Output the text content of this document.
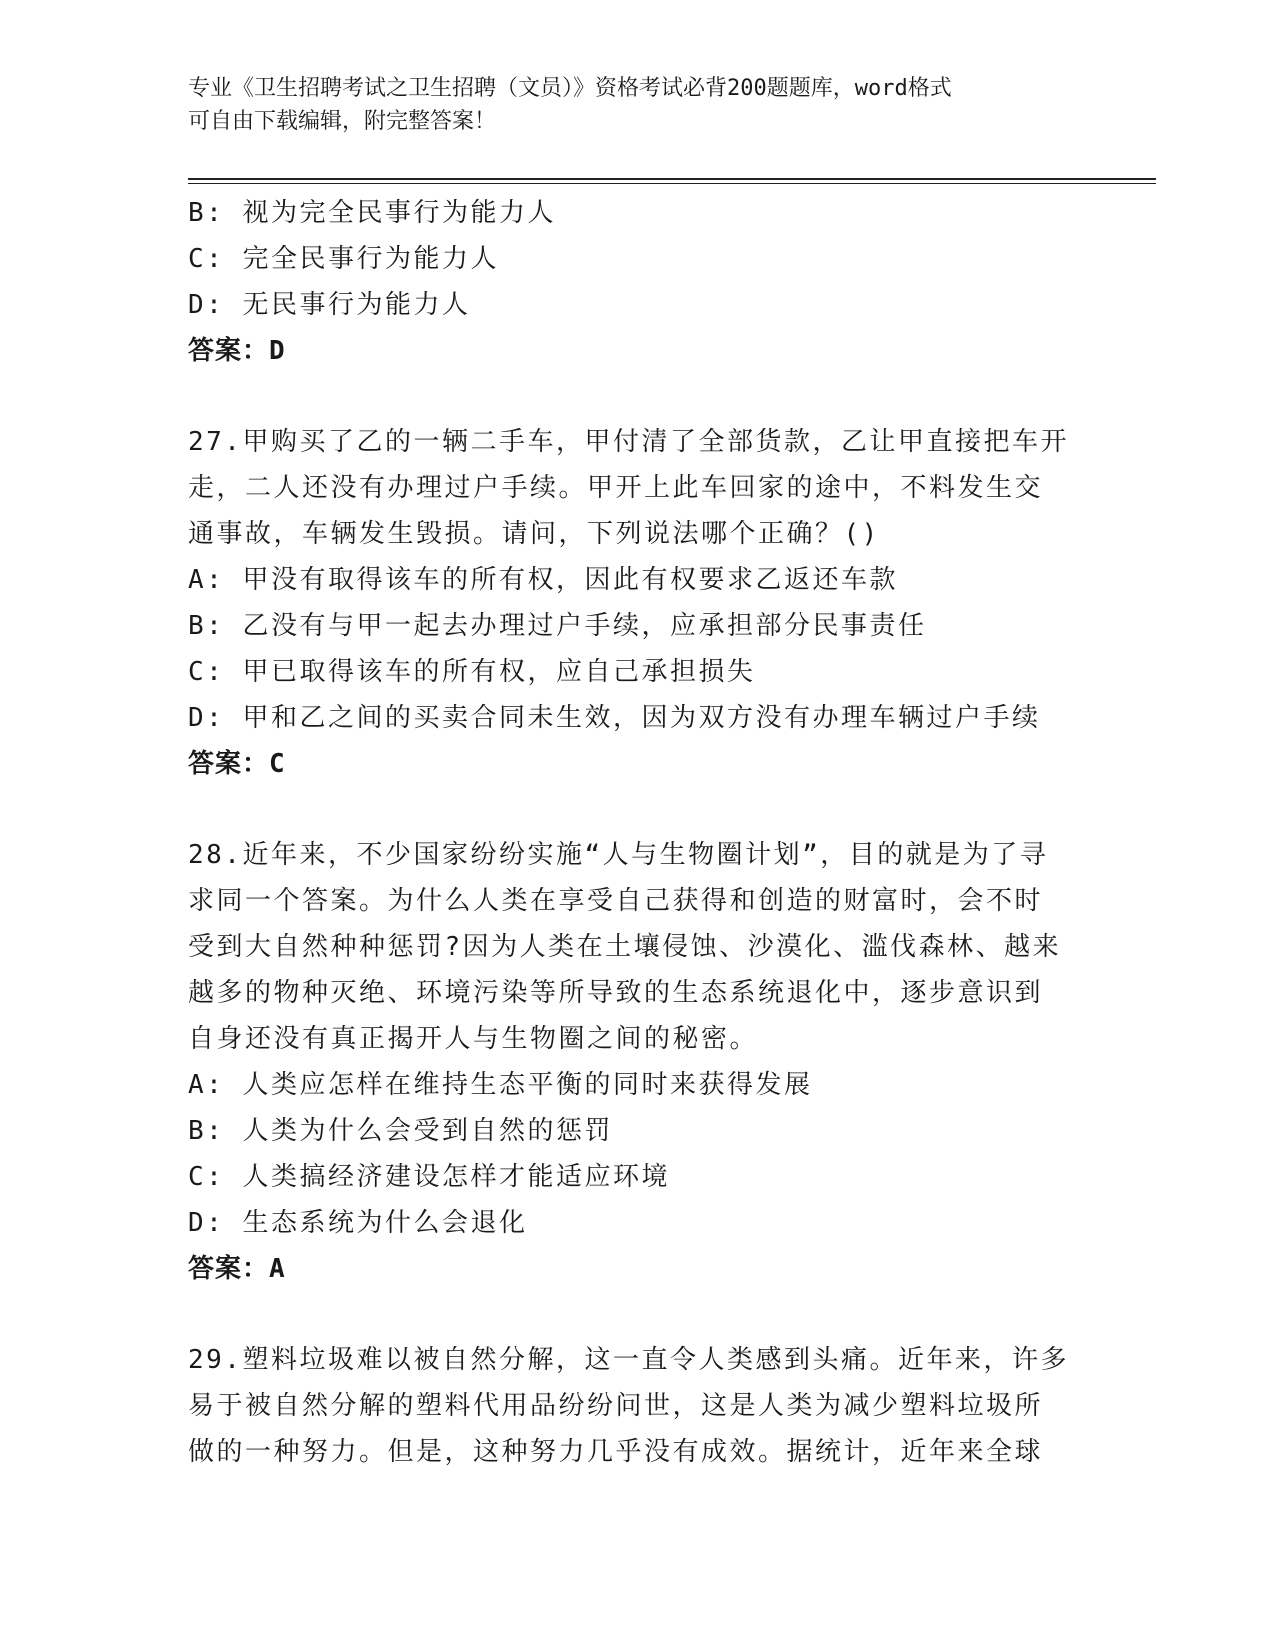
专业《卫生招聘考试之卫生招聘（文员）》资格考试必背200题题库，word格式
可自由下载编辑，附完整答案！
B: 视为完全民事行为能力人
C: 完全民事行为能力人
D: 无民事行为能力人
答案：D
27.甲购买了乙的一辆二手车，甲付清了全部货款，乙让甲直接把车开
走，二人还没有办理过户手续。甲开上此车回家的途中，不料发生交
通事故，车辆发生毁损。请问，下列说法哪个正确？()
A: 甲没有取得该车的所有权，因此有权要求乙返还车款
B: 乙没有与甲一起去办理过户手续，应承担部分民事责任
C: 甲已取得该车的所有权，应自己承担损失
D: 甲和乙之间的买卖合同未生效，因为双方没有办理车辆过户手续
答案：C
28.近年来，不少国家纷纷实施“人与生物圈计划”，目的就是为了寻
求同一个答案。为什么人类在享受自己获得和创造的财富时，会不时
受到大自然种种惩罚?因为人类在土壤侵蚀、沙漠化、滥伐森林、越来
越多的物种灭绝、环境污染等所导致的生态系统退化中，逐步意识到
自身还没有真正揭开人与生物圈之间的秘密。
A: 人类应怎样在维持生态平衡的同时来获得发展
B: 人类为什么会受到自然的惩罚
C: 人类搞经济建设怎样才能适应环境
D: 生态系统为什么会退化
答案：A
29.塑料垃圾难以被自然分解，这一直令人类感到头痛。近年来，许多
易于被自然分解的塑料代用品纷纷问世，这是人类为减少塑料垃圾所
做的一种努力。但是，这种努力几乎没有成效。据统计，近年来全球
